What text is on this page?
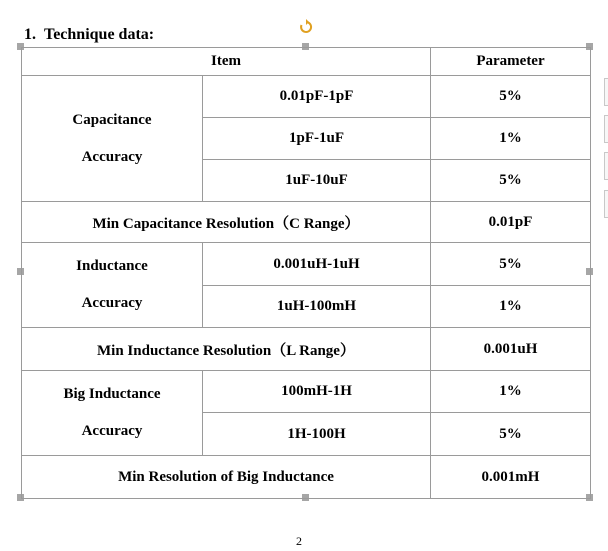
1. Technique data:
Item		Parameter

Capacitance
Accuracy	0.01pF-1pF	5%
	1pF-1uF	1%
	1uF-10uF	5%
Min Capacitance Resolution（C Range）		0.01pF

Inductance
Accuracy	0.001uH-1uH	5%
	1uH-100mH	1%
Min Inductance Resolution（L Range）		0.001uH

Big Inductance
Accuracy	100mH-1H	1%
	1H-100H	5%
Min Resolution of Big Inductance		0.001mH
2
